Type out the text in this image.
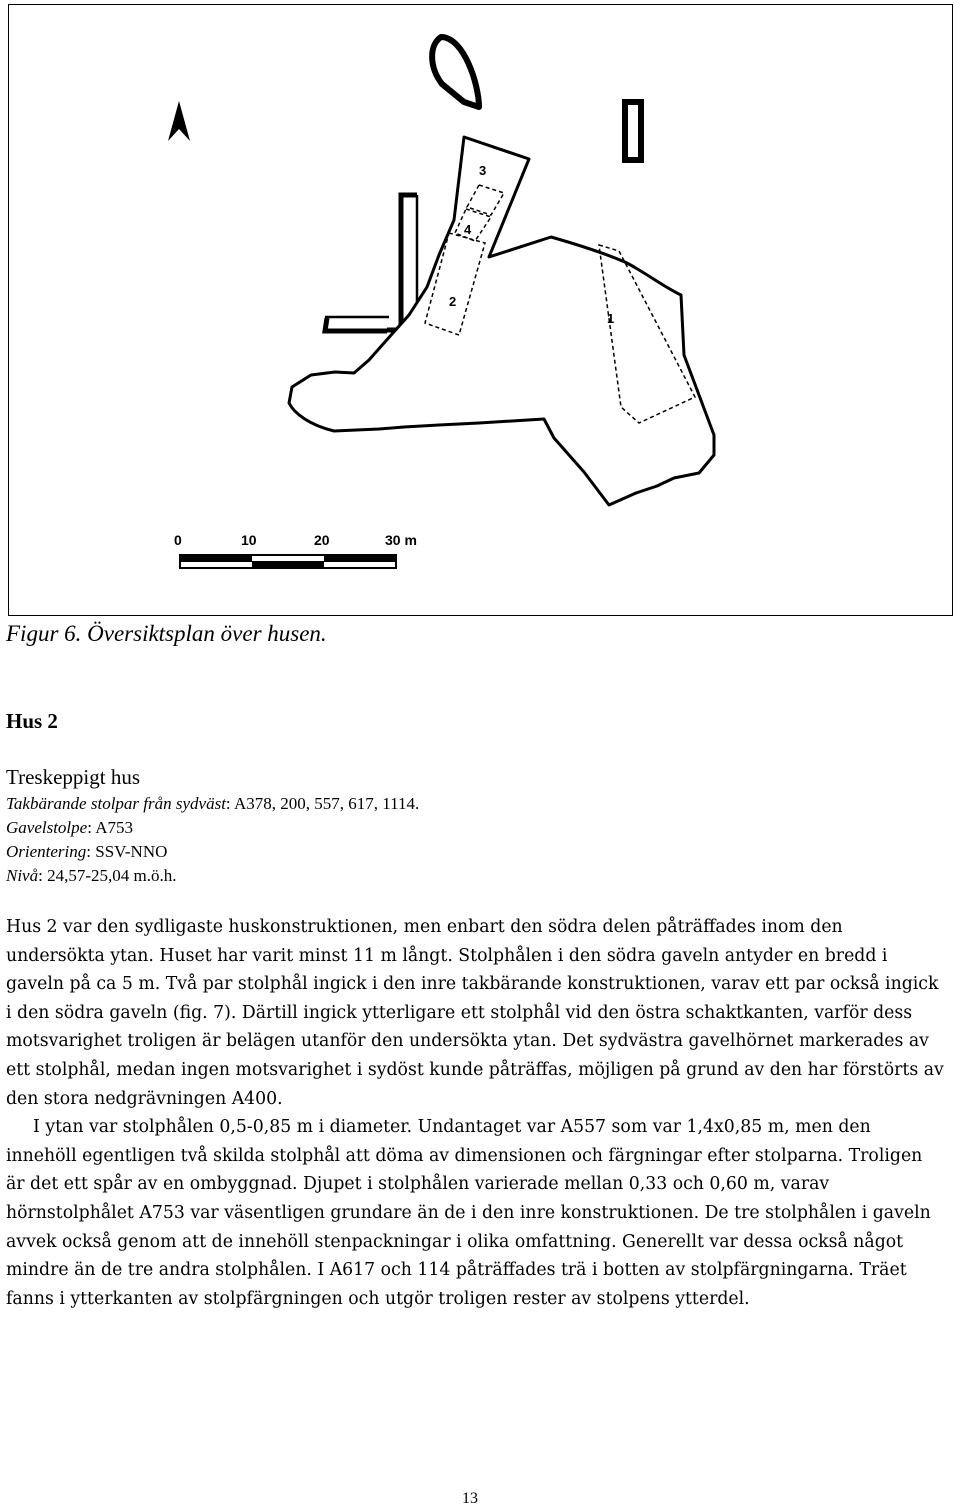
3
4
2
1
0	10	20	30 m
Figur 6. Översiktsplan över husen.
Hus 2
Treskeppigt hus
Takbärande stolpar från sydväst: A378, 200, 557, 617, 1114.
Gavelstolpe: A753
Orientering: SSV-NNO
Nivå: 24,57-25,04 m.ö.h.

Hus 2 var den sydligaste huskonstruktionen, men enbart den södra delen påträffades inom den undersökta ytan. Huset har varit minst 11 m långt. Stolphålen i den södra gaveln antyder en bredd i gaveln på ca 5 m. Två par stolphål ingick i den inre takbärande konstruktionen, varav ett par också ingick i den södra gaveln (fig. 7). Därtill ingick ytterligare ett stolphål vid den östra schaktkanten, varför dess motsvarighet troligen är belägen utanför den undersökta ytan. Det sydvästra gavelhörnet markerades av ett stolphål, medan ingen motsvarighet i sydöst kunde påträffas, möjligen på grund av den har förstörts av den stora nedgrävningen A400.

I ytan var stolphålen 0,5-0,85 m i diameter. Undantaget var A557 som var 1,4x0,85 m, men den innehöll egentligen två skilda stolphål att döma av dimensionen och färgningar efter stolparna. Troligen är det ett spår av en ombyggnad. Djupet i stolphålen varierade mellan 0,33 och 0,60 m, varav hörnstolphålet A753 var väsentligen grundare än de i den inre konstruktionen. De tre stolphålen i gaveln avvek också genom att de innehöll stenpackningar i olika omfattning. Generellt var dessa också något mindre än de tre andra stolphålen. I A617 och 114 påträffades trä i botten av stolpfärgningarna. Träet fanns i ytterkanten av stolpfärgningen och utgör troligen rester av stolpens ytterdel.

13
